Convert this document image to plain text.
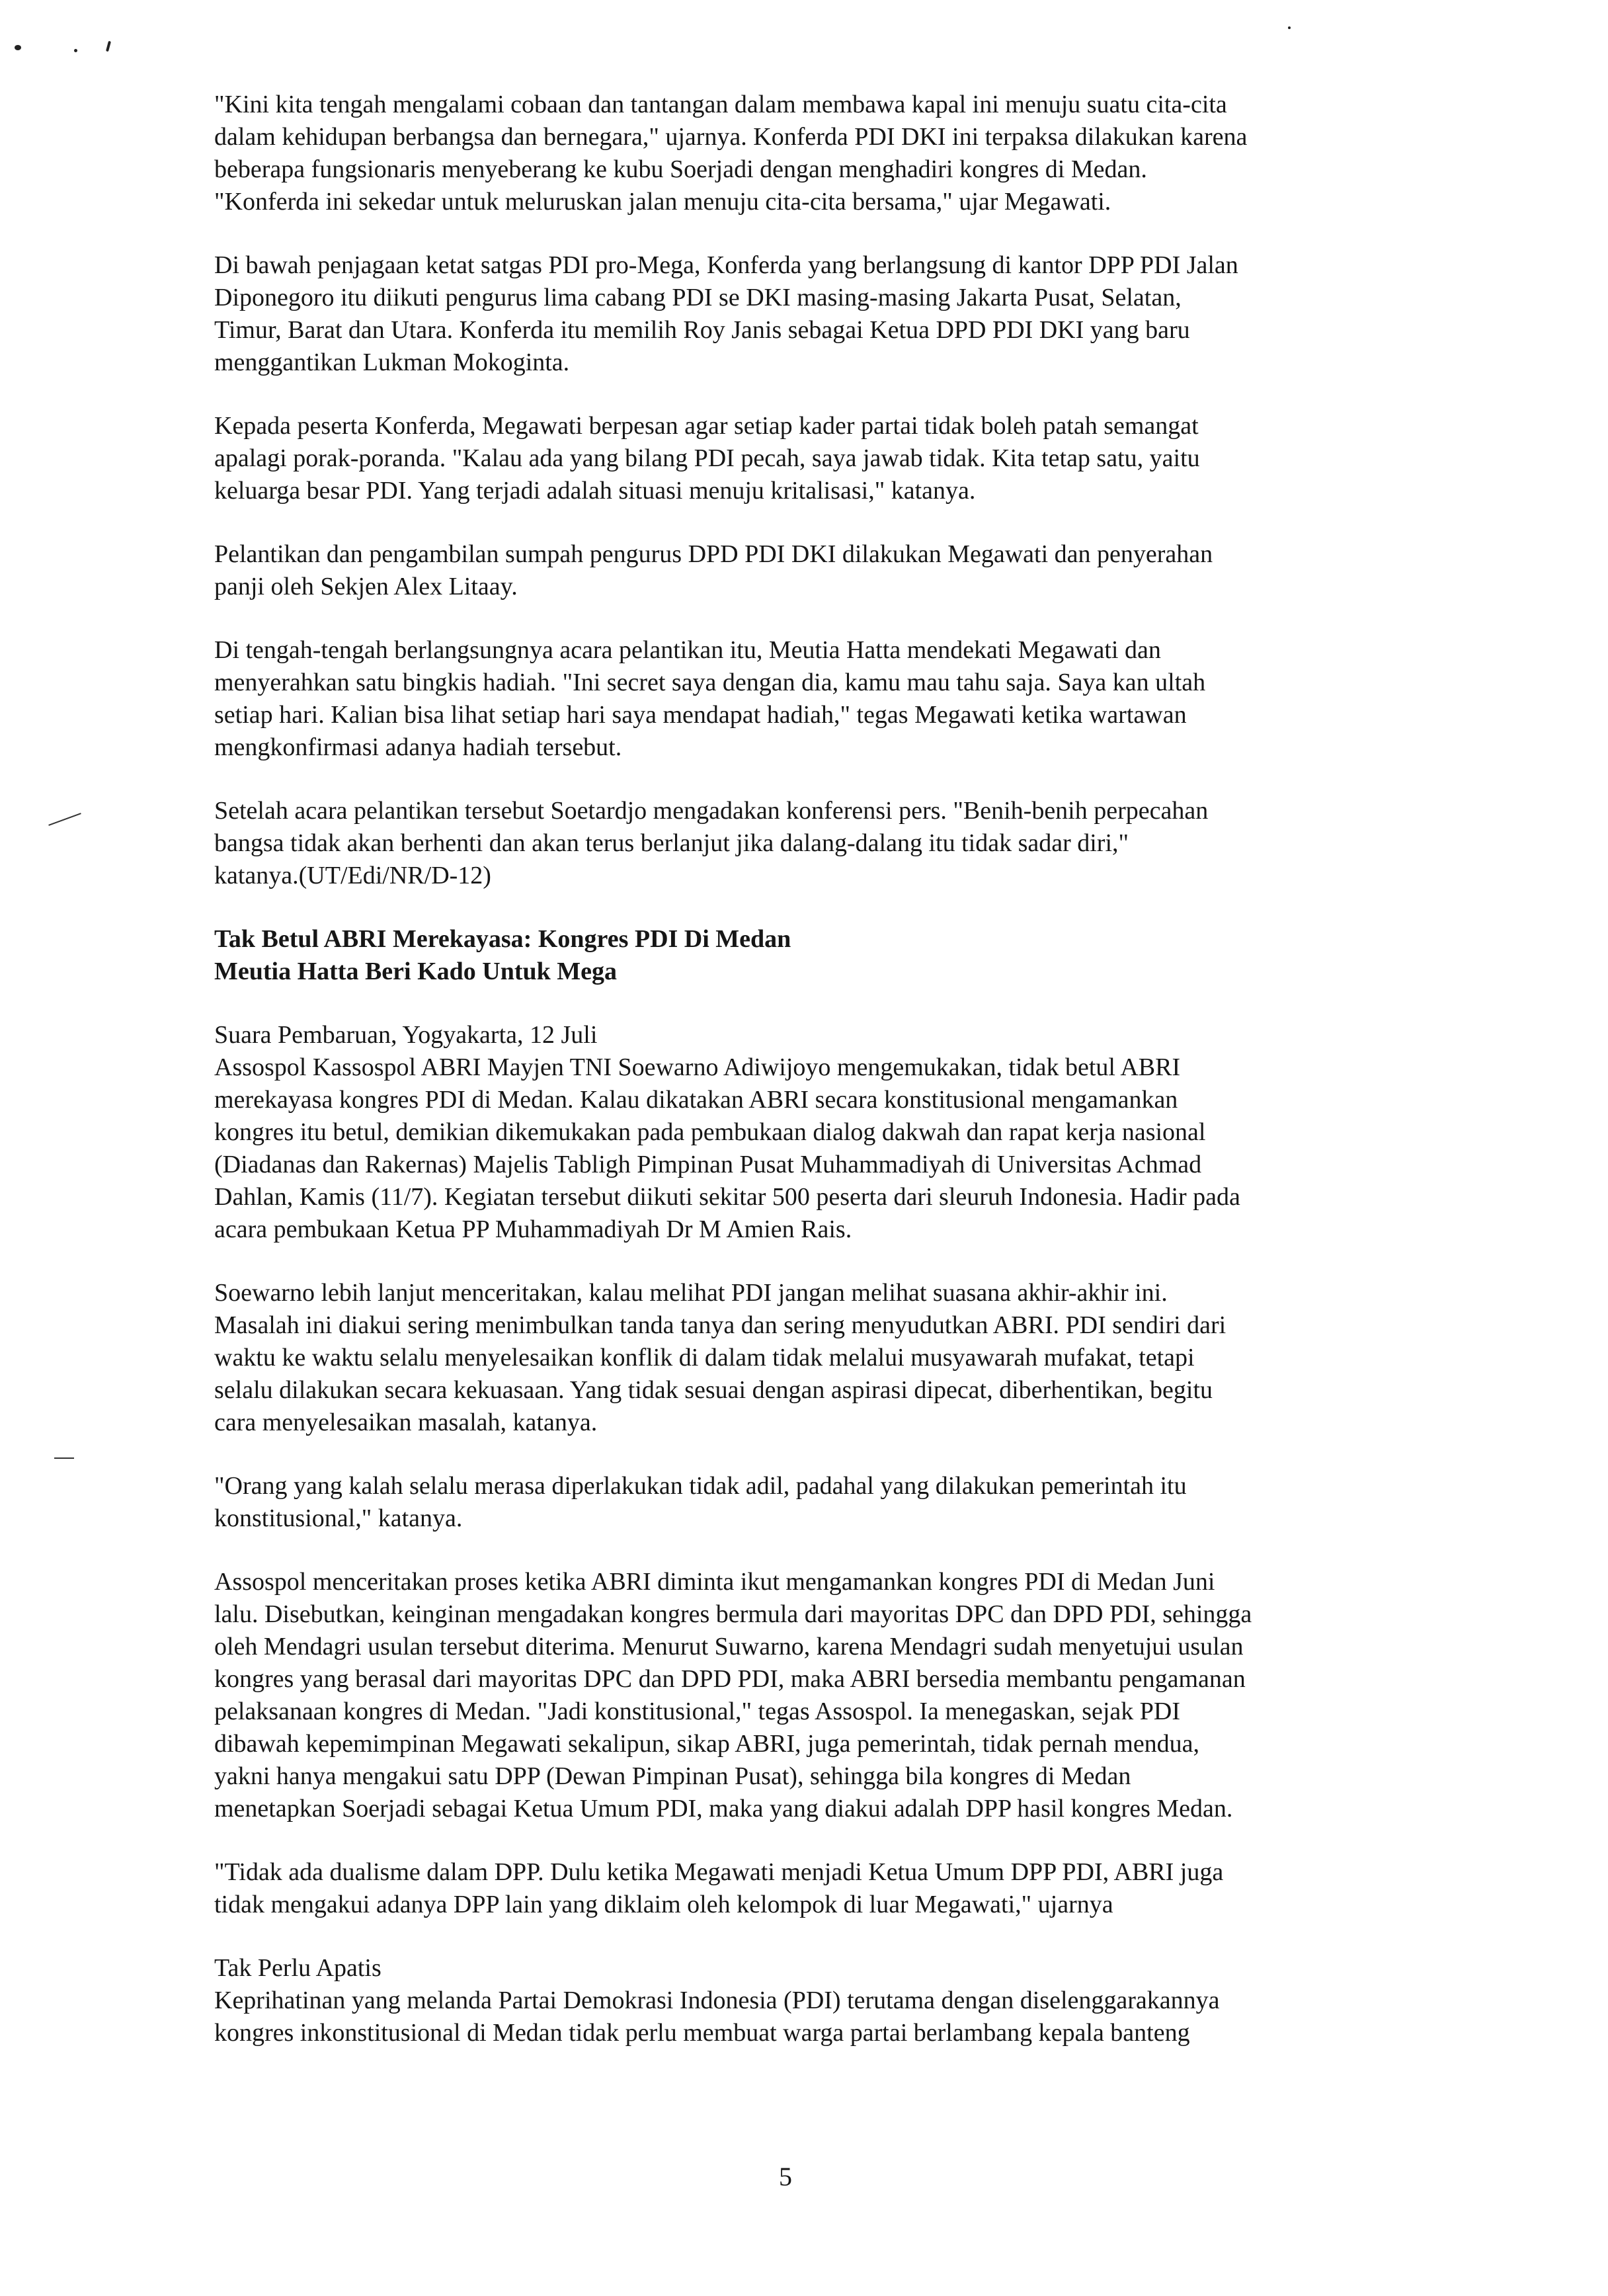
"Kini kita tengah mengalami cobaan dan tantangan dalam membawa kapal ini menuju suatu cita-cita
dalam kehidupan berbangsa dan bernegara," ujarnya. Konferda PDI DKI ini terpaksa dilakukan karena
beberapa fungsionaris menyeberang ke kubu Soerjadi dengan menghadiri kongres di Medan.
"Konferda ini sekedar untuk meluruskan jalan menuju cita-cita bersama," ujar Megawati.

Di bawah penjagaan ketat satgas PDI pro-Mega, Konferda yang berlangsung di kantor DPP PDI Jalan
Diponegoro itu diikuti pengurus lima cabang PDI se DKI masing-masing Jakarta Pusat, Selatan,
Timur, Barat dan Utara. Konferda itu memilih Roy Janis sebagai Ketua DPD PDI DKI yang baru
menggantikan Lukman Mokoginta.

Kepada peserta Konferda, Megawati berpesan agar setiap kader partai tidak boleh patah semangat
apalagi porak-poranda. "Kalau ada yang bilang PDI pecah, saya jawab tidak. Kita tetap satu, yaitu
keluarga besar PDI. Yang terjadi adalah situasi menuju kritalisasi," katanya.

Pelantikan dan pengambilan sumpah pengurus DPD PDI DKI dilakukan Megawati dan penyerahan
panji oleh Sekjen Alex Litaay.

Di tengah-tengah berlangsungnya acara pelantikan itu, Meutia Hatta mendekati Megawati dan
menyerahkan satu bingkis hadiah. "Ini secret saya dengan dia, kamu mau tahu saja. Saya kan ultah
setiap hari. Kalian bisa lihat setiap hari saya mendapat hadiah," tegas Megawati ketika wartawan
mengkonfirmasi adanya hadiah tersebut.

Setelah acara pelantikan tersebut Soetardjo mengadakan konferensi pers. "Benih-benih perpecahan
bangsa tidak akan berhenti dan akan terus berlanjut jika dalang-dalang itu tidak sadar diri,"
katanya.(UT/Edi/NR/D-12)

Tak Betul ABRI Merekayasa: Kongres PDI Di Medan
Meutia Hatta Beri Kado Untuk Mega

Suara Pembaruan, Yogyakarta, 12 Juli
Assospol Kassospol ABRI Mayjen TNI Soewarno Adiwijoyo mengemukakan, tidak betul ABRI
merekayasa kongres PDI di Medan. Kalau dikatakan ABRI secara konstitusional mengamankan
kongres itu betul, demikian dikemukakan pada pembukaan dialog dakwah dan rapat kerja nasional
(Diadanas dan Rakernas) Majelis Tabligh Pimpinan Pusat Muhammadiyah di Universitas Achmad
Dahlan, Kamis (11/7). Kegiatan tersebut diikuti sekitar 500 peserta dari sleuruh Indonesia. Hadir pada
acara pembukaan Ketua PP Muhammadiyah Dr M Amien Rais.

Soewarno lebih lanjut menceritakan, kalau melihat PDI jangan melihat suasana akhir-akhir ini.
Masalah ini diakui sering menimbulkan tanda tanya dan sering menyudutkan ABRI. PDI sendiri dari
waktu ke waktu selalu menyelesaikan konflik di dalam tidak melalui musyawarah mufakat, tetapi
selalu dilakukan secara kekuasaan. Yang tidak sesuai dengan aspirasi dipecat, diberhentikan, begitu
cara menyelesaikan masalah, katanya.

"Orang yang kalah selalu merasa diperlakukan tidak adil, padahal yang dilakukan pemerintah itu
konstitusional," katanya.

Assospol menceritakan proses ketika ABRI diminta ikut mengamankan kongres PDI di Medan Juni
lalu. Disebutkan, keinginan mengadakan kongres bermula dari mayoritas DPC dan DPD PDI, sehingga
oleh Mendagri usulan tersebut diterima. Menurut Suwarno, karena Mendagri sudah menyetujui usulan
kongres yang berasal dari mayoritas DPC dan DPD PDI, maka ABRI bersedia membantu pengamanan
pelaksanaan kongres di Medan. "Jadi konstitusional," tegas Assospol. Ia menegaskan, sejak PDI
dibawah kepemimpinan Megawati sekalipun, sikap ABRI, juga pemerintah, tidak pernah mendua,
yakni hanya mengakui satu DPP (Dewan Pimpinan Pusat), sehingga bila kongres di Medan
menetapkan Soerjadi sebagai Ketua Umum PDI, maka yang diakui adalah DPP hasil kongres Medan.

"Tidak ada dualisme dalam DPP. Dulu ketika Megawati menjadi Ketua Umum DPP PDI, ABRI juga
tidak mengakui adanya DPP lain yang diklaim oleh kelompok di luar Megawati," ujarnya

Tak Perlu Apatis
Keprihatinan yang melanda Partai Demokrasi Indonesia (PDI) terutama dengan diselenggarakannya
kongres inkonstitusional di Medan tidak perlu membuat warga partai berlambang kepala banteng

5
